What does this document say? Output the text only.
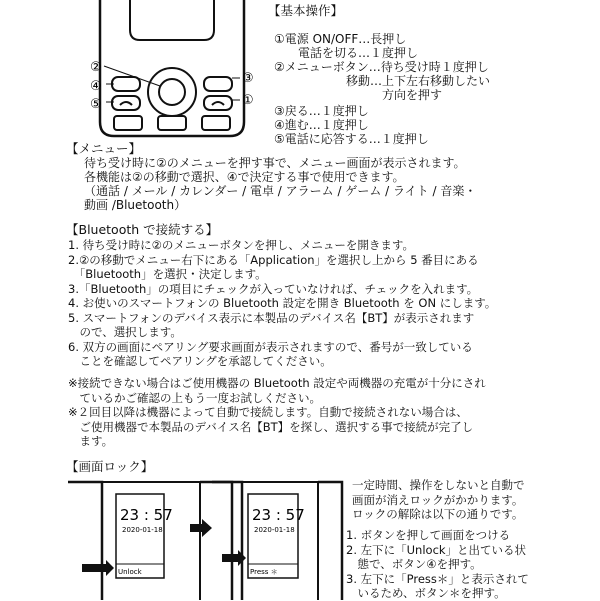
②
④
⑤
③
①
【基本操作】
①電源 ON/OFF…長押し
　　電話を切る…１度押し
②メニューボタン…待ち受け時１度押し
　　　　　　移動…上下左右移動したい
　　　　　　　　　方向を押す
③戻る…１度押し
④進む…１度押し
⑤電話に応答する…１度押し
【メニュー】
待ち受け時に②のメニューを押す事で、メニュー画面が表示されます。
各機能は②の移動で選択、④で決定する事で使用できます。
（通話 / メール / カレンダー / 電卓 / アラーム / ゲーム / ライト / 音楽・
動画 /Bluetooth）
【Bluetooth で接続する】
1. 待ち受け時に②のメニューボタンを押し、メニューを開きます。
2.②の移動でメニュー右下にある「Application」を選択し上から 5 番目にある
　「Bluetooth」を選択・決定します。
3.「Bluetooth」の項目にチェックが入っていなければ、チェックを入れます。
4. お使いのスマートフォンの Bluetooth 設定を開き Bluetooth を ON にします。
5. スマートフォンのデバイス表示に本製品のデバイス名【BT】が表示されます
　ので、選択します。
6. 双方の画面にペアリング要求画面が表示されますので、番号が一致している
　ことを確認してペアリングを承認してください。
※接続できない場合はご使用機器の Bluetooth 設定や両機器の充電が十分にされ
　ているかご確認の上もう一度お試しください。
※２回目以降は機器によって自動で接続します。自動で接続されない場合は、
　ご使用機器で本製品のデバイス名【BT】を探し、選択する事で接続が完了し
　ます。
【画面ロック】
23 : 57
2020-01-18
Unlock
23 : 57
2020-01-18
Press ＊
一定時間、操作をしないと自動で
画面が消えロックがかかります。
ロックの解除は以下の通りです。
1. ボタンを押して画面をつける
2. 左下に「Unlock」と出ている状
　態で、ボタン④を押す。
3. 左下に「Press＊」と表示されて
　いるため、ボタン＊を押す。
